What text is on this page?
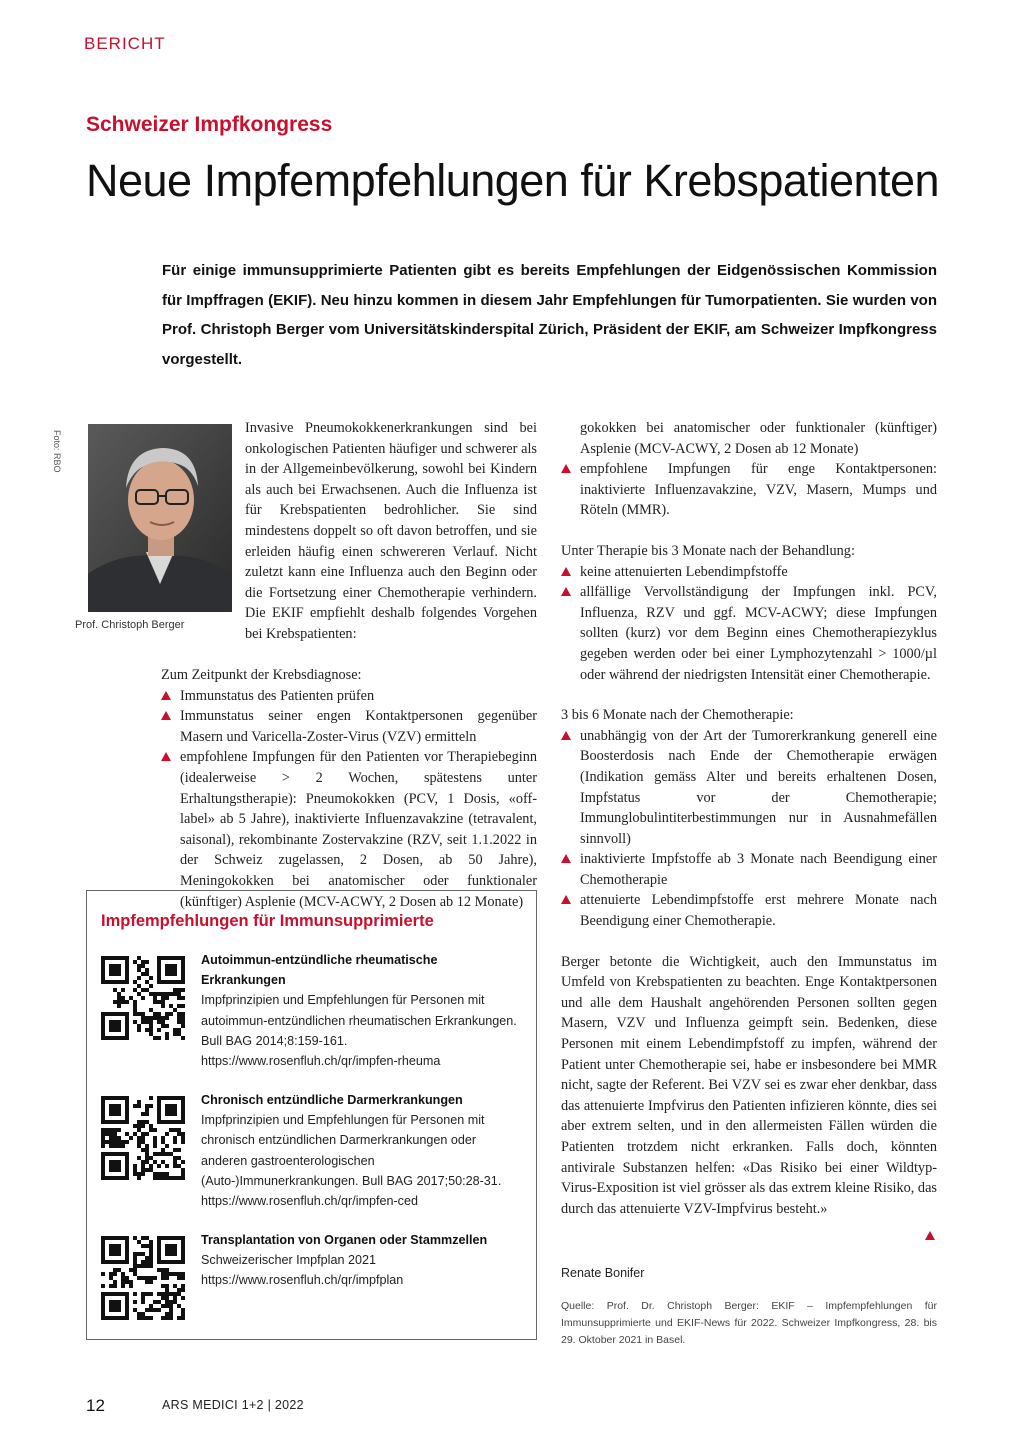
BERICHT
Schweizer Impfkongress
Neue Impfempfehlungen für Krebspatienten
Für einige immunsupprimierte Patienten gibt es bereits Empfehlungen der Eidgenössischen Kommission für Impffragen (EKIF). Neu hinzu kommen in diesem Jahr Empfehlungen für Tumorpatienten. Sie wurden von Prof. Christoph Berger vom Universitätskinderspital Zürich, Präsident der EKIF, am Schweizer Impfkongress vorgestellt.
Foto: RBO
Prof. Christoph Berger
Invasive Pneumokokkenerkrankungen sind bei onkologischen Patienten häufiger und schwerer als in der Allgemeinbevölkerung, sowohl bei Kindern als auch bei Erwachsenen. Auch die Influenza ist für Krebspatienten bedrohlicher. Sie sind mindestens doppelt so oft davon betroffen, und sie erleiden häufig einen schwereren Verlauf. Nicht zuletzt kann eine Influenza auch den Beginn oder die Fortsetzung einer Chemotherapie verhindern. Die EKIF empfiehlt deshalb folgendes Vorgehen bei Krebspatienten:
Zum Zeitpunkt der Krebsdiagnose:
Immunstatus des Patienten prüfen
Immunstatus seiner engen Kontaktpersonen gegenüber Masern und Varicella-Zoster-Virus (VZV) ermitteln
empfohlene Impfungen für den Patienten vor Therapiebeginn (idealerweise > 2 Wochen, spätestens unter Erhaltungstherapie): Pneumokokken (PCV, 1 Dosis, «off-label» ab 5 Jahre), inaktivierte Influenzavakzine (tetravalent, saisonal), rekombinante Zostervakzine (RZV, seit 1.1.2022 in der Schweiz zugelassen, 2 Dosen, ab 50 Jahre), Meningokokken bei anatomischer oder funktionaler (künftiger) Asplenie (MCV-ACWY, 2 Dosen ab 12 Monate)

gokokken bei anatomischer oder funktionaler (künftiger) Asplenie (MCV-ACWY, 2 Dosen ab 12 Monate)

empfohlene Impfungen für enge Kontaktpersonen: inaktivierte Influenzavakzine, VZV, Masern, Mumps und Röteln (MMR).

Unter Therapie bis 3 Monate nach der Behandlung:

keine attenuierten Lebendimpfstoffe
allfällige Vervollständigung der Impfungen inkl. PCV, Influenza, RZV und ggf. MCV-ACWY; diese Impfungen sollten (kurz) vor dem Beginn eines Chemotherapiezyklus gegeben werden oder bei einer Lymphozytenzahl > 1000/µl oder während der niedrigsten Intensität einer Chemotherapie.

3 bis 6 Monate nach der Chemotherapie:

unabhängig von der Art der Tumorerkrankung generell eine Boosterdosis nach Ende der Chemotherapie erwägen (Indikation gemäss Alter und bereits erhaltenen Dosen, Impfstatus vor der Chemotherapie; Immunglobulintiterbestimmungen nur in Ausnahmefällen sinnvoll)
inaktivierte Impfstoffe ab 3 Monate nach Beendigung einer Chemotherapie
attenuierte Lebendimpfstoffe erst mehrere Monate nach Beendigung einer Chemotherapie.

Berger betonte die Wichtigkeit, auch den Immunstatus im Umfeld von Krebspatienten zu beachten. Enge Kontaktpersonen und alle dem Haushalt angehörenden Personen sollten gegen Masern, VZV und Influenza geimpft sein. Bedenken, diese Personen mit einem Lebendimpfstoff zu impfen, während der Patient unter Chemotherapie sei, habe er insbesondere bei MMR nicht, sagte der Referent. Bei VZV sei es zwar eher denkbar, dass das attenuierte Impfvirus den Patienten infizieren könnte, dies sei aber extrem selten, und in den allermeisten Fällen würden die Patienten trotzdem nicht erkranken. Falls doch, könnten antivirale Substanzen helfen: «Das Risiko bei einer Wildtyp-Virus-Exposition ist viel grösser als das extrem kleine Risiko, das durch das attenuierte VZV-Impfvirus besteht.»

Impfempfehlungen für Immunsupprimierte
Autoimmun-entzündliche rheumatische Erkrankungen
Impfprinzipien und Empfehlungen für Personen mit autoimmun-entzündlichen rheumatischen Erkrankungen. Bull BAG 2014;8:159-161.
https://www.rosenfluh.ch/qr/impfen-rheuma
Chronisch entzündliche Darmerkrankungen
Impfprinzipien und Empfehlungen für Personen mit chronisch entzündlichen Darmerkrankungen oder anderen gastroenterologischen (Auto-)Immunerkrankungen. Bull BAG 2017;50:28-31.
https://www.rosenfluh.ch/qr/impfen-ced
Transplantation von Organen oder Stammzellen
Schweizerischer Impfplan 2021
https://www.rosenfluh.ch/qr/impfplan
Renate Bonifer
Quelle: Prof. Dr. Christoph Berger: EKIF – Impfempfehlungen für Immunsupprimierte und EKIF-News für 2022. Schweizer Impfkongress, 28. bis 29. Oktober 2021 in Basel.
12	ARS MEDICI 1+2 | 2022
